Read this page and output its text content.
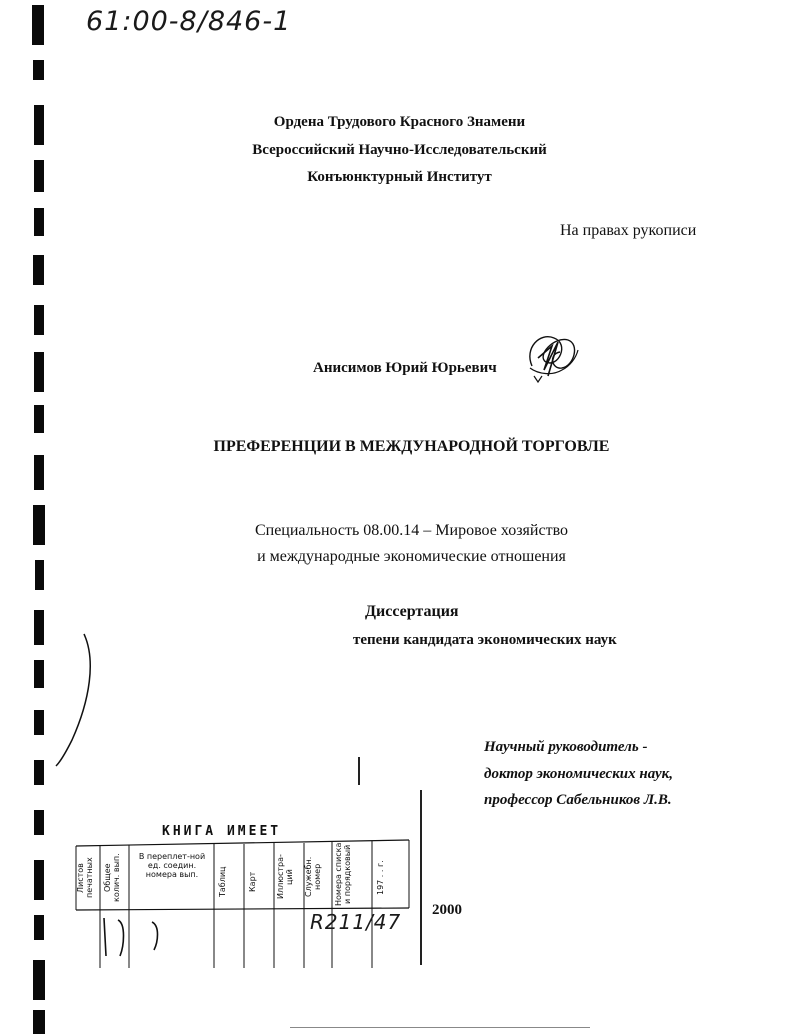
61:00-8/846-1
Ордена Трудового Красного Знамени
Всероссийский Научно-Исследовательский
Конъюнктурный Институт
На правах рукописи
Анисимов Юрий Юрьевич
ПРЕФЕРЕНЦИИ В МЕЖДУНАРОДНОЙ ТОРГОВЛЕ
Специальность 08.00.14 – Мировое хозяйство
и международные экономические отношения
Диссертация
тепени кандидата экономических наук
Научный руководитель -
доктор экономических наук,
профессор Сабельников Л.В.
2000
КНИГА ИМЕЕТ
Листов печатных	Общее колич. вып.	В переплет-ной ед. соедин. номера вып.	Таблиц	Карт	Иллюстра-ций	Служебн. номер	Номера списка и порядковый	197 . . г.
R211/47
